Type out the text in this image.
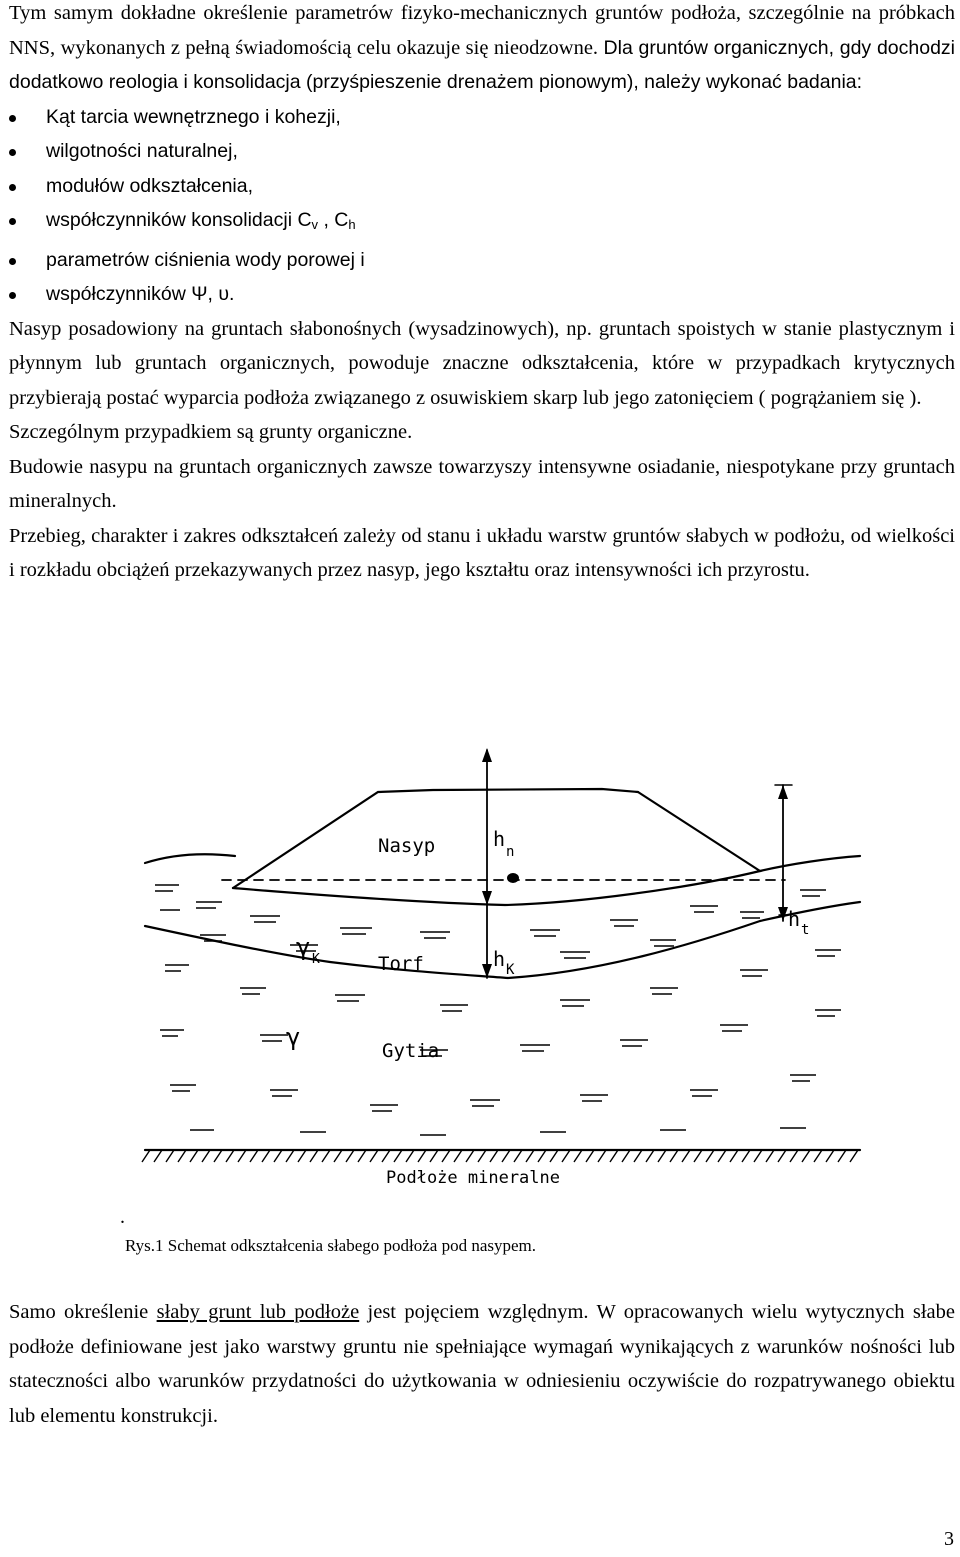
Tym samym dokładne określenie parametrów fizyko-mechanicznych gruntów podłoża, szczególnie na próbkach NNS, wykonanych z pełną świadomością celu okazuje się nieodzowne. Dla gruntów organicznych, gdy dochodzi dodatkowo reologia i konsolidacja (przyśpieszenie drenażem pionowym), należy wykonać badania:

Kąt tarcia wewnętrznego i kohezji,
wilgotności naturalnej,
modułów odkształcenia,
współczynników konsolidacji $C_v$ , $C_h$
parametrów ciśnienia wody porowej i
współczynników Ψ, υ.

Nasyp posadowiony na gruntach słabonośnych (wysadzinowych), np. gruntach spoistych w stanie plastycznym i płynnym lub gruntach organicznych, powoduje znaczne odkształcenia, które w przypadkach krytycznych przybierają postać wyparcia podłoża związanego z osuwiskiem skarp lub jego zatonięciem ( pogrążaniem się ).

Szczególnym przypadkiem są grunty organiczne.

Budowie nasypu na gruntach organicznych zawsze towarzyszy intensywne osiadanie, niespotykane przy gruntach mineralnych.

Przebieg, charakter i zakres odkształceń zależy od stanu i układu warstw gruntów słabych w podłożu, od wielkości i rozkładu obciążeń przekazywanych przez nasyp, jego kształtu oraz intensywności ich przyrostu.

Nasyp	h
n
h t
γ K	Torf	h K
γ	Gytia
Podłoże mineralne
.
Rys.1 Schemat odkształcenia słabego podłoża pod nasypem.

Samo określenie słaby grunt lub podłoże jest pojęciem względnym. W opracowanych wielu wytycznych słabe podłoże definiowane jest jako warstwy gruntu nie spełniające wymagań wynikających z warunków nośności lub stateczności albo warunków przydatności do użytkowania w odniesieniu oczywiście do rozpatrywanego obiektu lub elementu konstrukcji.

3
